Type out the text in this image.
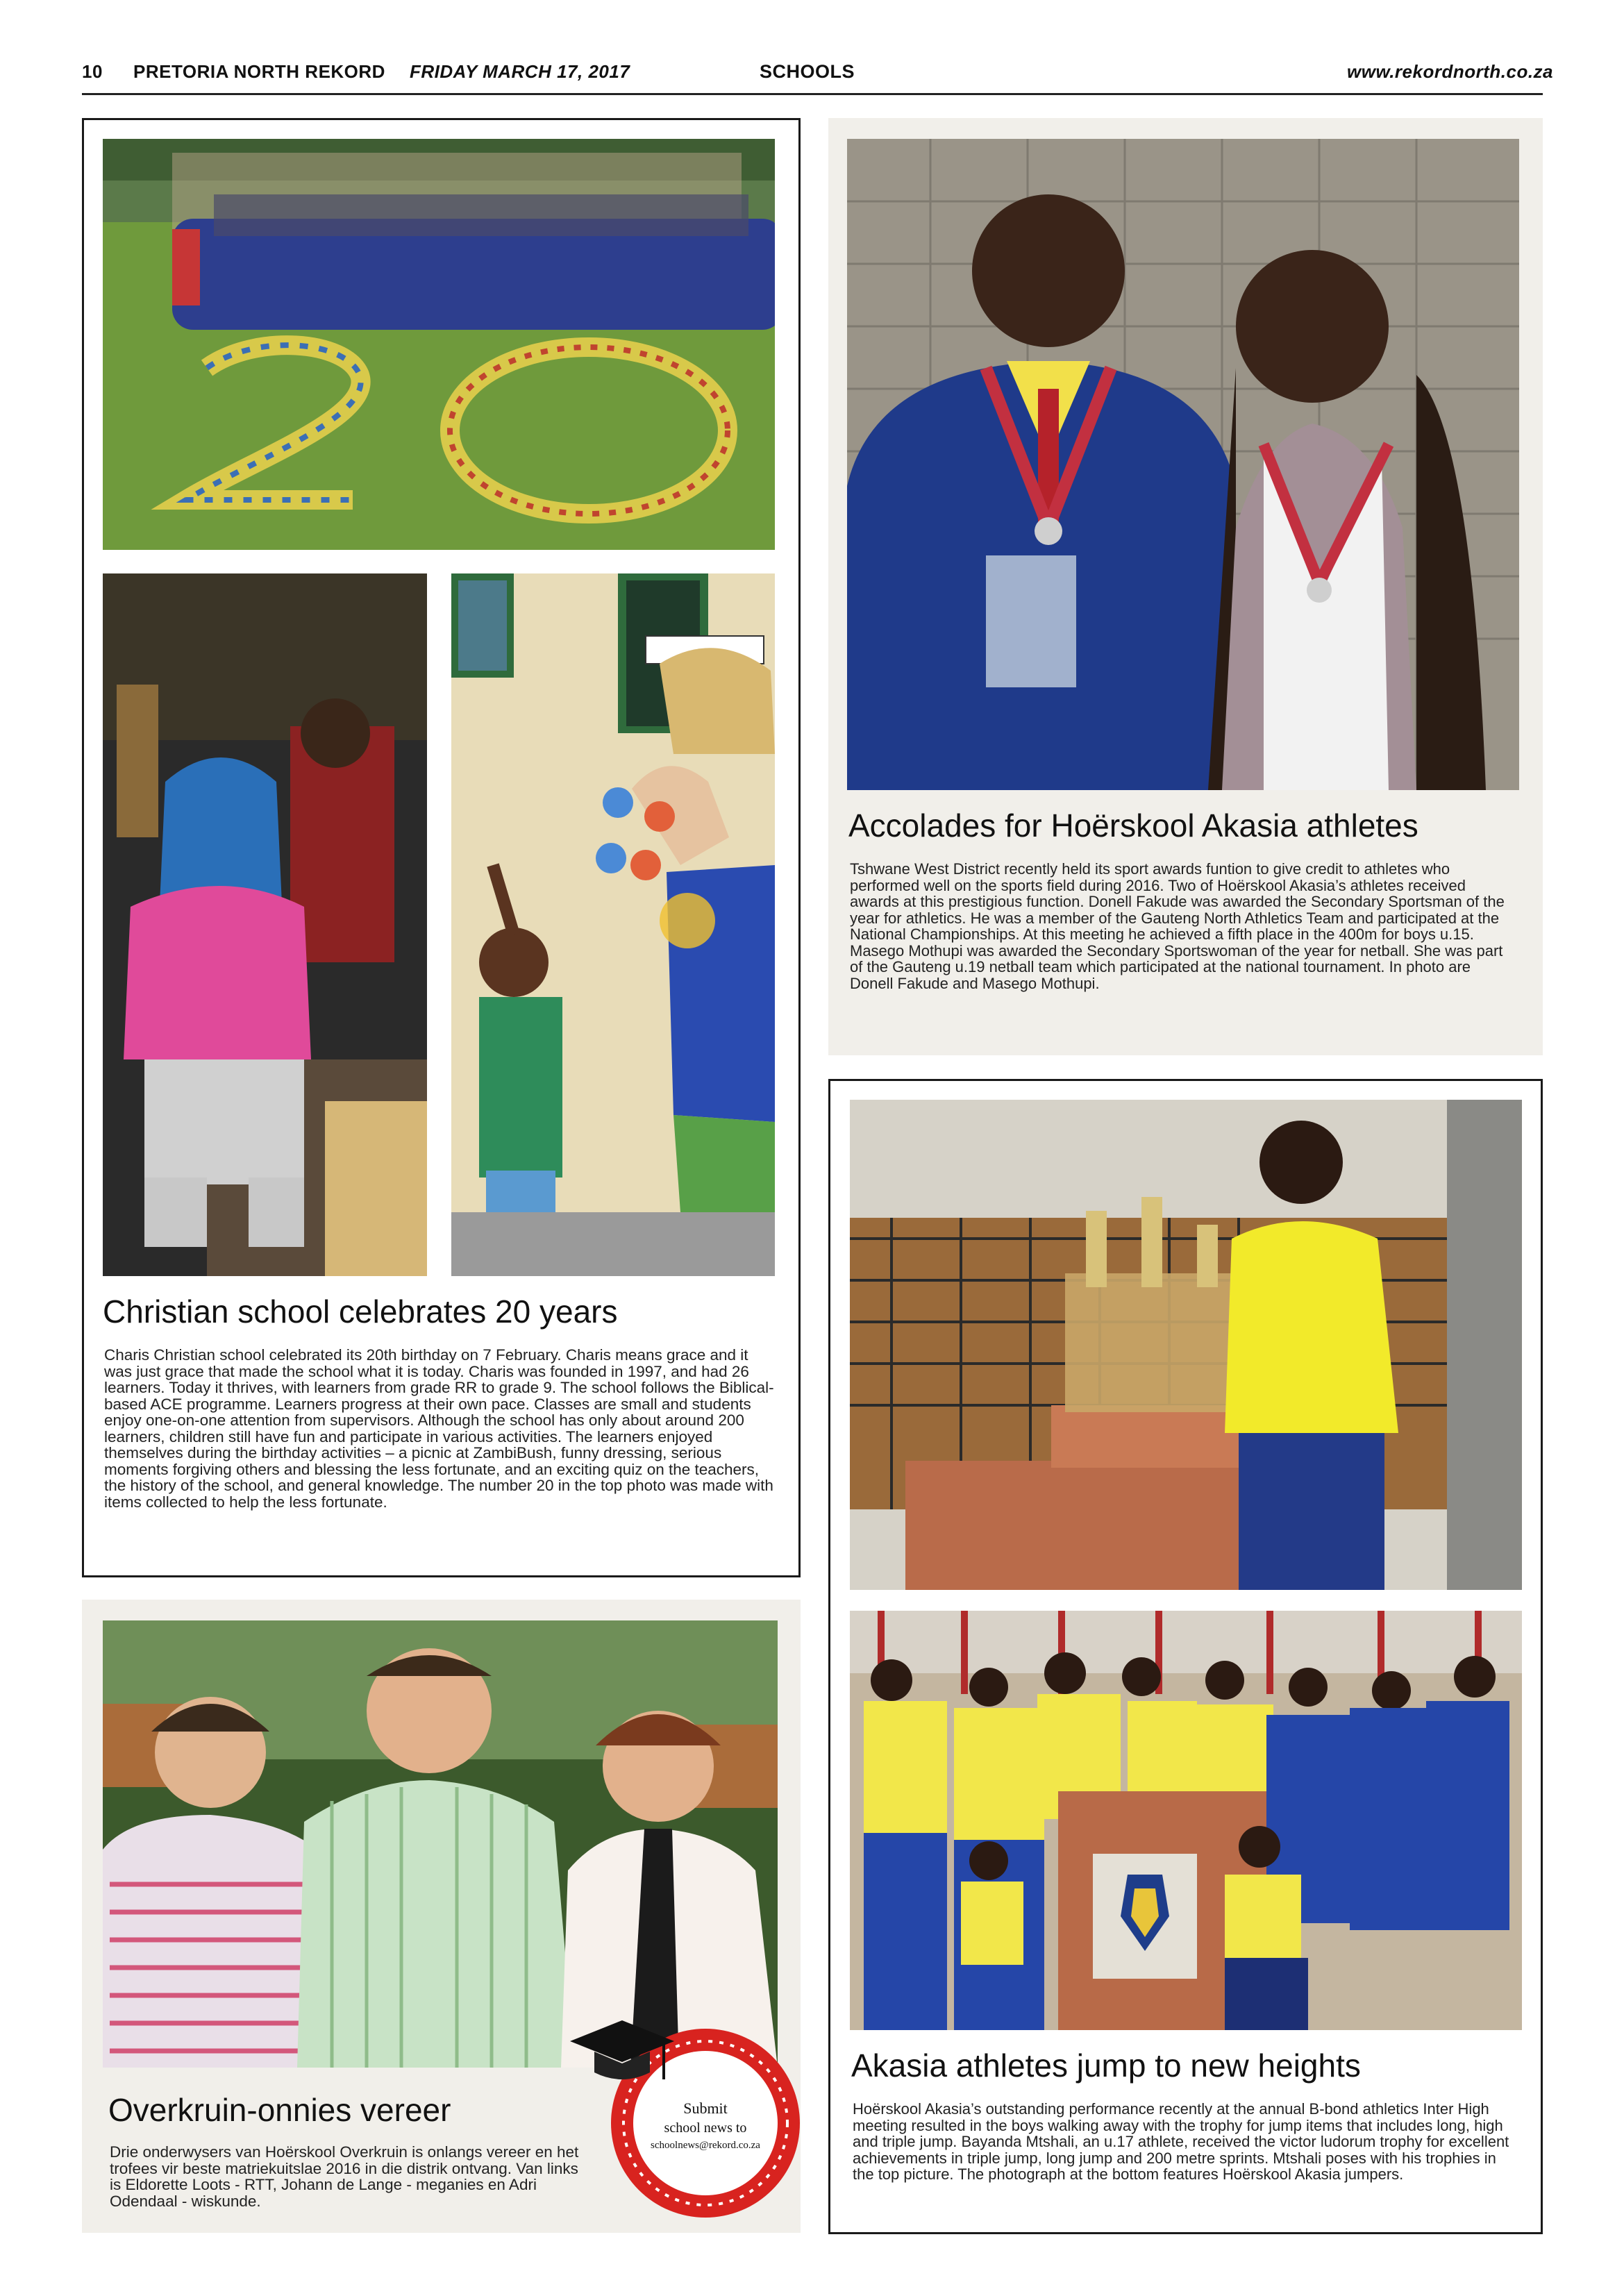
10 PRETORIA NORTH REKORD FRIDAY MARCH 17, 2017	SCHOOLS	www.rekordnorth.co.za
Christian school celebrates 20 years
Charis Christian school celebrated its 20th birthday on 7 February. Charis means grace and it was just grace that made the school what it is today. Charis was founded in 1997, and had 26 learners. Today it thrives, with learners from grade RR to grade 9. The school follows the Biblical-based ACE programme. Learners progress at their own pace. Classes are small and students enjoy one-on-one attention from supervisors. Although the school has only about around 200 learners, children still have fun and participate in various activities. The learners enjoyed themselves during the birthday activities – a picnic at ZambiBush, funny dressing, serious moments forgiving others and blessing the less fortunate, and an exciting quiz on the teachers, the history of the school, and general knowledge. The number 20 in the top photo was made with items collected to help the less fortunate.
Accolades for Hoërskool Akasia athletes
Tshwane West District recently held its sport awards funtion to give credit to athletes who performed well on the sports field during 2016. Two of Hoërskool Akasia’s athletes received awards at this prestigious function. Donell Fakude was awarded the Secondary Sportsman of the year for athletics. He was a member of the Gauteng North Athletics Team and participated at the National Championships. At this meeting he achieved a fifth place in the 400m for boys u.15. Masego Mothupi was awarded the Secondary Sportswoman of the year for netball. She was part of the Gauteng u.19 netball team which participated at the national tournament. In photo are Donell Fakude and Masego Mothupi.
Overkruin-onnies vereer
Drie onderwysers van Hoërskool Overkruin is onlangs vereer en het trofees vir beste matriekuitslae 2016 in die distrik ontvang. Van links is Eldorette Loots - RTT, Johann de Lange - meganies en Adri Odendaal - wiskunde.
Submit
school news to
schoolnews@rekord.co.za
Akasia athletes jump to new heights
Hoërskool Akasia’s outstanding performance recently at the annual B-bond athletics Inter High meeting resulted in the boys walking away with the trophy for jump items that includes long, high and triple jump. Bayanda Mtshali, an u.17 athlete, received the victor ludorum trophy for excellent achievements in triple jump, long jump and 200 metre sprints. Mtshali poses with his trophies in the top picture. The photograph at the bottom features Hoërskool Akasia jumpers.
